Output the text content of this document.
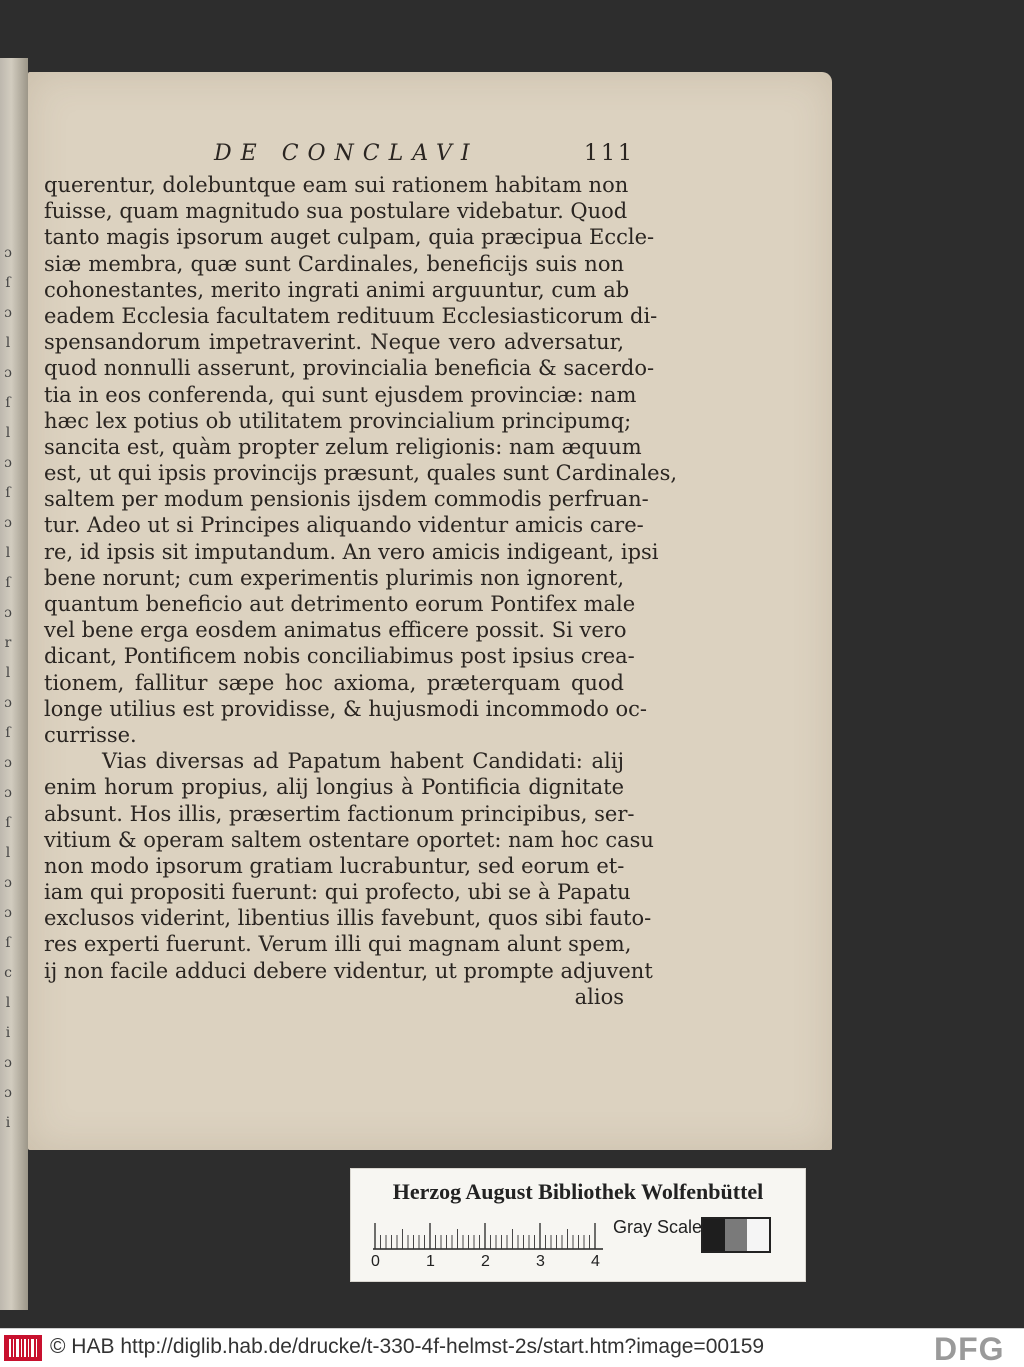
ɔ
ſ
ɔ
l
ɔ
ſ
l
ɔ
ſ
ɔ
l
ſ
ɔ
r
l
ɔ
ſ
ɔ
ɔ
ſ
l
ɔ
ɔ
ſ
c
l
i
ɔ
ɔ
i
DE CONCLAVI	111
querentur, dolebuntque eam sui rationem habitam non
fuisse, quam magnitudo sua postulare videbatur. Quod
tanto magis ipsorum auget culpam, quia præcipua Eccle-
siæ membra, quæ sunt Cardinales, beneficijs suis non
cohonestantes, merito ingrati animi arguuntur, cum ab
eadem Ecclesia facultatem redituum Ecclesiasticorum di-
spensandorum impetraverint. Neque vero adversatur,
quod nonnulli asserunt, provincialia beneficia & sacerdo-
tia in eos conferenda, qui sunt ejusdem provinciæ: nam
hæc lex potius ob utilitatem provincialium principumq;
sancita est, quàm propter zelum religionis: nam æquum
est, ut qui ipsis provincijs præsunt, quales sunt Cardinales,
saltem per modum pensionis ijsdem commodis perfruan-
tur. Adeo ut si Principes aliquando videntur amicis care-
re, id ipsis sit imputandum. An vero amicis indigeant, ipsi
bene norunt; cum experimentis plurimis non ignorent,
quantum beneficio aut detrimento eorum Pontifex male
vel bene erga eosdem animatus efficere possit. Si vero
dicant, Pontificem nobis conciliabimus post ipsius crea-
tionem, fallitur sæpe hoc axioma, præterquam quod
longe utilius est providisse, & hujusmodi incommodo oc-
currisse.
Vias diversas ad Papatum habent Candidati: alij
enim horum propius, alij longius à Pontificia dignitate
absunt. Hos illis, præsertim factionum principibus, ser-
vitium & operam saltem ostentare oportet: nam hoc casu
non modo ipsorum gratiam lucrabuntur, sed eorum et-
iam qui propositi fuerunt: qui profecto, ubi se à Papatu
exclusos viderint, libentius illis favebunt, quos sibi fauto-
res experti fuerunt. Verum illi qui magnam alunt spem,
ij non facile adduci debere videntur, ut prompte adjuvent
alios
Herzog August Bibliothek Wolfenbüttel
0	1	2	3	4
Gray Scale
© HAB http://diglib.hab.de/drucke/t-330-4f-helmst-2s/start.htm?image=00159	DFG
